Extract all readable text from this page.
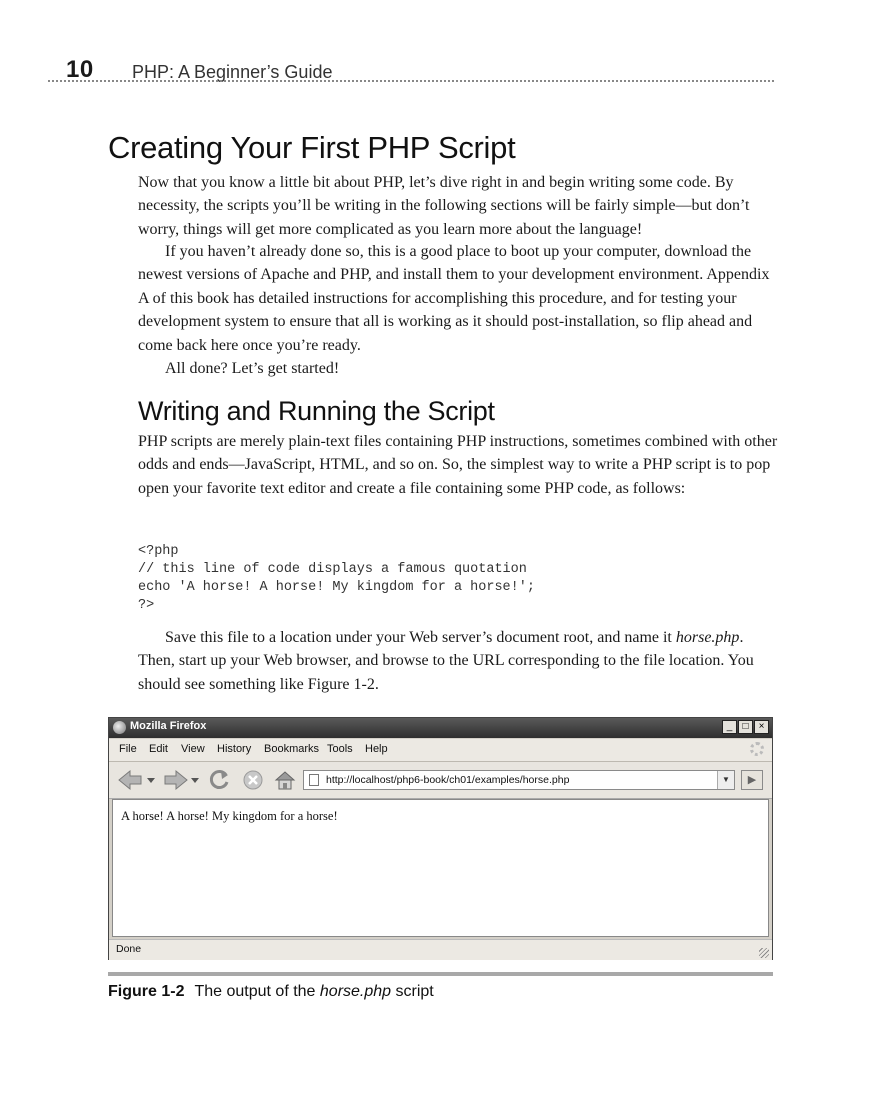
10 PHP: A Beginner’s Guide
Creating Your First PHP Script

Now that you know a little bit about PHP, let’s dive right in and begin writing some code. By necessity, the scripts you’ll be writing in the following sections will be fairly simple—but don’t worry, things will get more complicated as you learn more about the language!

If you haven’t already done so, this is a good place to boot up your computer, download the newest versions of Apache and PHP, and install them to your development environment. Appendix A of this book has detailed instructions for accomplishing this procedure, and for testing your development system to ensure that all is working as it should post-installation, so flip ahead and come back here once you’re ready.

All done? Let’s get started!

Writing and Running the Script

PHP scripts are merely plain-text files containing PHP instructions, sometimes combined with other odds and ends—JavaScript, HTML, and so on. So, the simplest way to write a PHP script is to pop open your favorite text editor and create a file containing some PHP code, as follows:

<?php
// this line of code displays a famous quotation
echo 'A horse! A horse! My kingdom for a horse!';
?>

Save this file to a location under your Web server’s document root, and name it horse.php. Then, start up your Web browser, and browse to the URL corresponding to the file location. You should see something like Figure 1-2.

Mozilla Firefox	_	□	×
File Edit View History Bookmarks Tools Help
http://localhost/php6-book/ch01/examples/horse.php	▼	▶
A horse! A horse! My kingdom for a horse!
Done
Figure 1-2 The output of the horse.php script
